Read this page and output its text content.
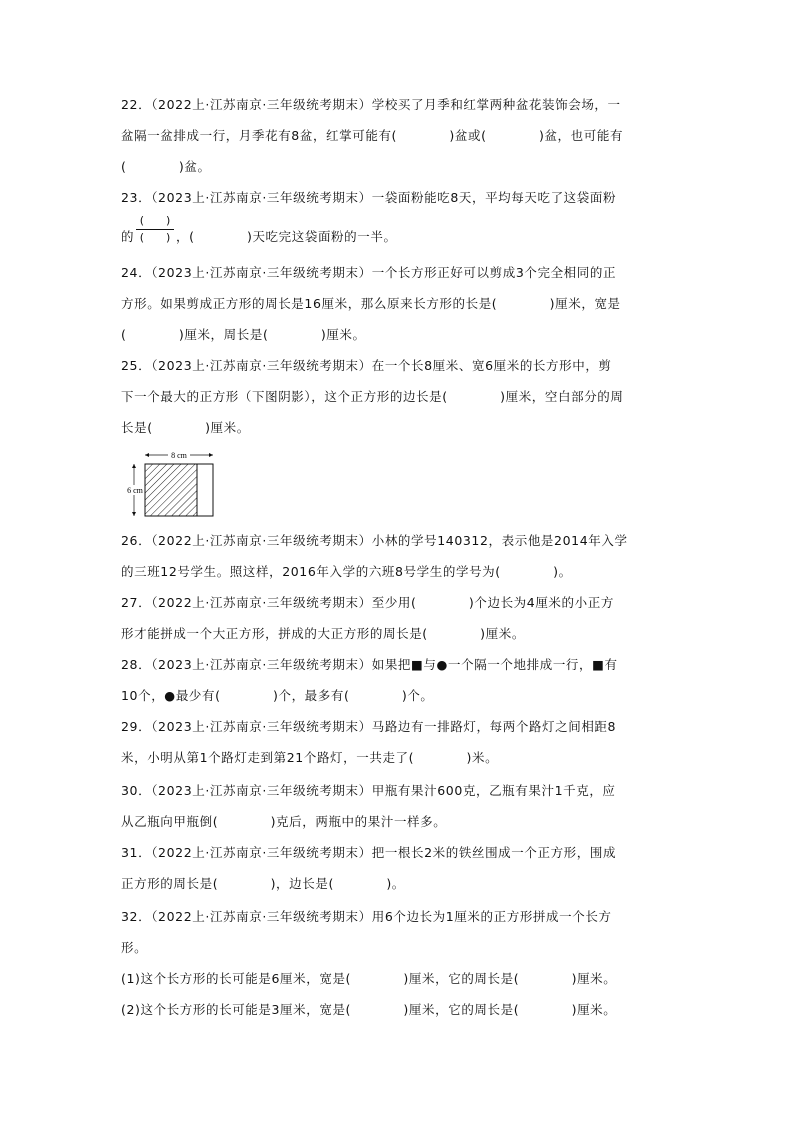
22．（2022上·江苏南京·三年级统考期末）学校买了月季和红掌两种盆花装饰会场，一
盆隔一盆排成一行，月季花有8盆，红掌可能有(　　　　)盆或(　　　　)盆，也可能有
(　　　　)盆。
23．（2023上·江苏南京·三年级统考期末）一袋面粉能吃8天，平均每天吃了这袋面粉
的
(　　)
(　　) ，(　　　　)天吃完这袋面粉的一半。
24．（2023上·江苏南京·三年级统考期末）一个长方形正好可以剪成3个完全相同的正
方形。如果剪成正方形的周长是16厘米，那么原来长方形的长是(　　　　)厘米，宽是
(　　　　)厘米，周长是(　　　　)厘米。
25．（2023上·江苏南京·三年级统考期末）在一个长8厘米、宽6厘米的长方形中，剪
下一个最大的正方形（下图阴影），这个正方形的边长是(　　　　)厘米，空白部分的周
长是(　　　　)厘米。
8 cm
6 cm
26．（2022上·江苏南京·三年级统考期末）小林的学号140312，表示他是2014年入学
的三班12号学生。照这样，2016年入学的六班8号学生的学号为(　　　　)。
27．（2022上·江苏南京·三年级统考期末）至少用(　　　　)个边长为4厘米的小正方
形才能拼成一个大正方形，拼成的大正方形的周长是(　　　　)厘米。
28．（2023上·江苏南京·三年级统考期末）如果把■与●一个隔一个地排成一行，■有
10个，●最少有(　　　　)个，最多有(　　　　)个。
29．（2023上·江苏南京·三年级统考期末）马路边有一排路灯，每两个路灯之间相距8
米，小明从第1个路灯走到第21个路灯，一共走了(　　　　)米。
30．（2023上·江苏南京·三年级统考期末）甲瓶有果汁600克，乙瓶有果汁1千克，应
从乙瓶向甲瓶倒(　　　　)克后，两瓶中的果汁一样多。
31．（2022上·江苏南京·三年级统考期末）把一根长2米的铁丝围成一个正方形，围成
正方形的周长是(　　　　)，边长是(　　　　)。
32．（2022上·江苏南京·三年级统考期末）用6个边长为1厘米的正方形拼成一个长方
形。
(1)这个长方形的长可能是6厘米，宽是(　　　　)厘米，它的周长是(　　　　)厘米。
(2)这个长方形的长可能是3厘米，宽是(　　　　)厘米，它的周长是(　　　　)厘米。
